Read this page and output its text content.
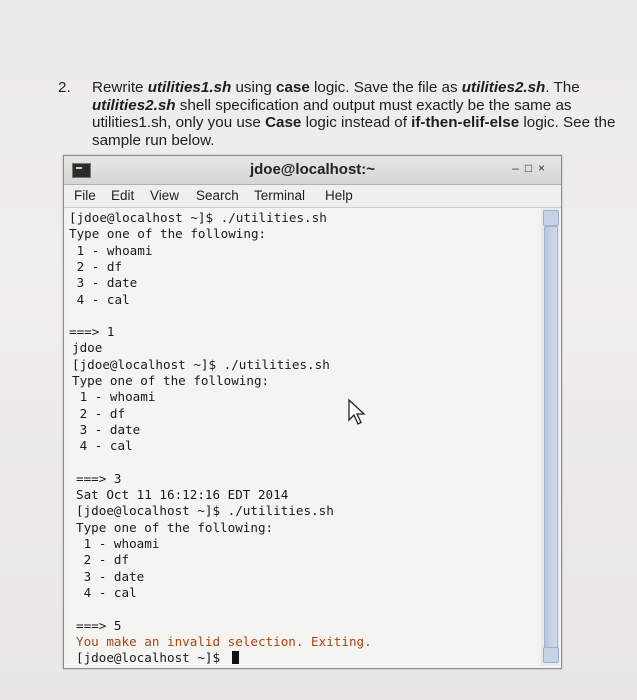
2. Rewrite utilities1.sh using case logic. Save the file as utilities2.sh. The utilities2.sh shell specification and output must exactly be the same as utilities1.sh, only you use Case logic instead of if-then-elif-else logic. See the sample run below.
jdoe@localhost:~	– □ ×
File Edit View Search Terminal Help
[jdoe@localhost ~]$ ./utilities.sh
Type one of the following:
1 - whoami
2 - df
3 - date
4 - cal
===> 1
jdoe
[jdoe@localhost ~]$ ./utilities.sh
Type one of the following:
1 - whoami
2 - df
3 - date
4 - cal
===> 3
Sat Oct 11 16:12:16 EDT 2014
[jdoe@localhost ~]$ ./utilities.sh
Type one of the following:
1 - whoami
2 - df
3 - date
4 - cal
===> 5
You make an invalid selection. Exiting.
[jdoe@localhost ~]$
